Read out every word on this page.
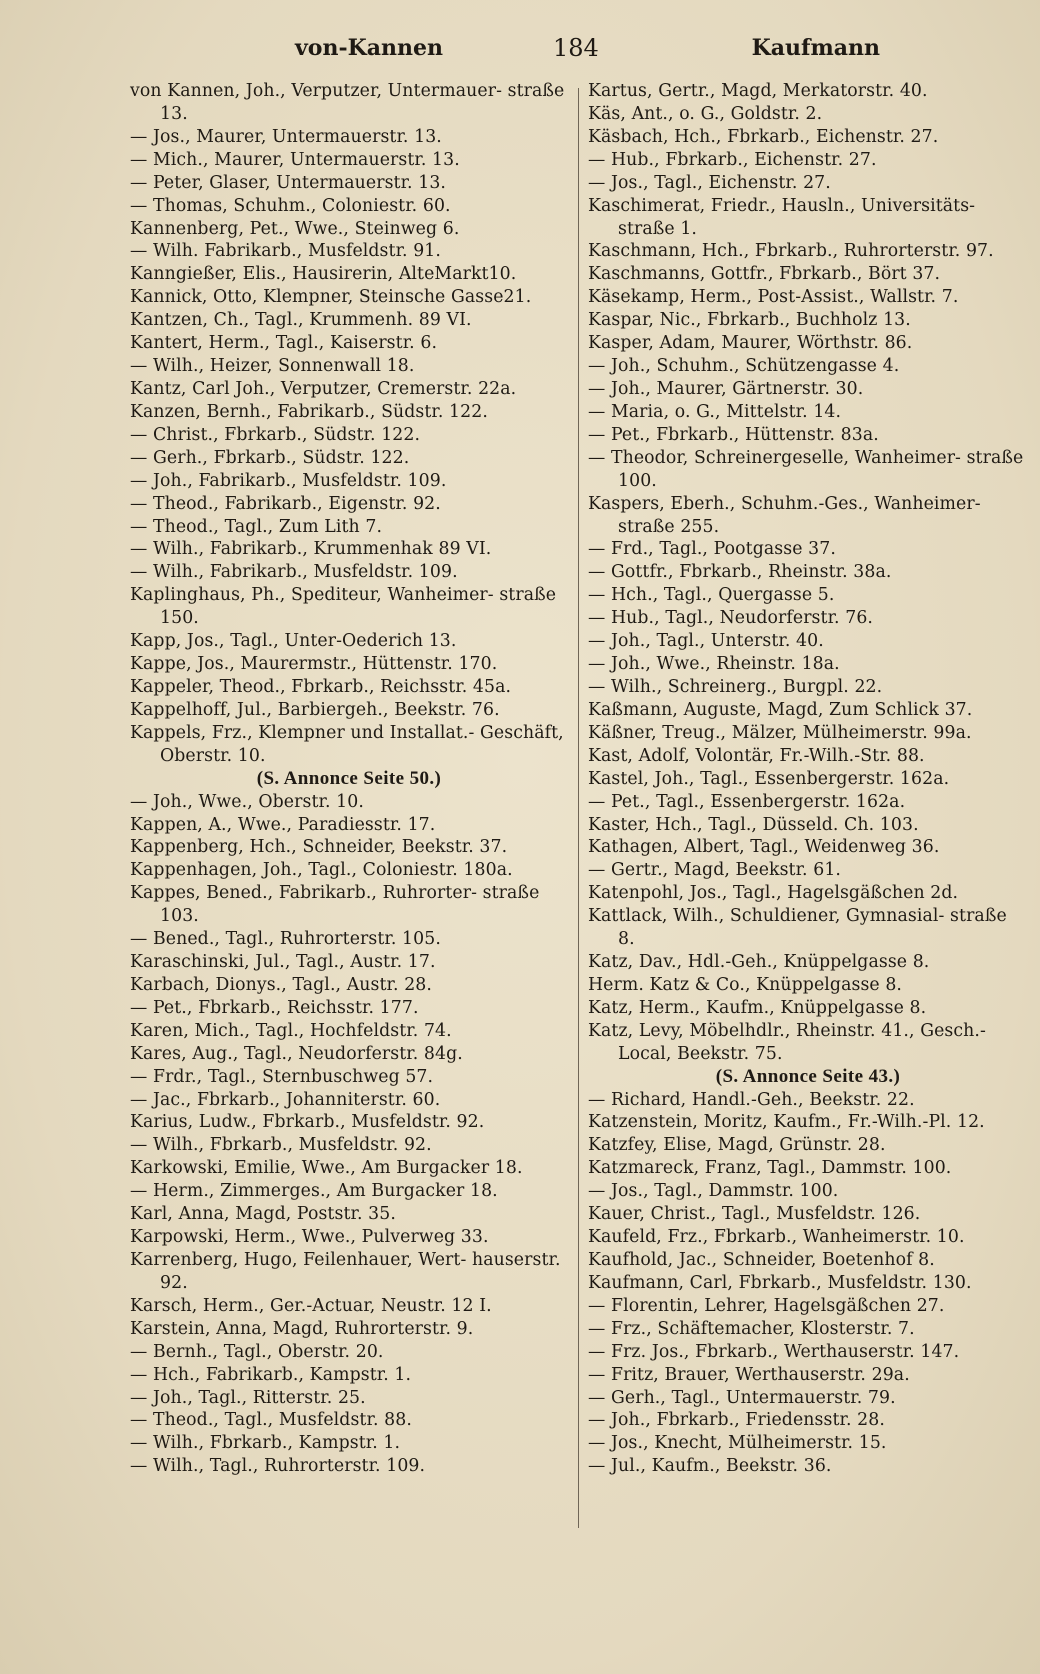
von-Kannen	184	Kaufmann
von Kannen, Joh., Verputzer, Untermauer- straße 13.
— Jos., Maurer, Untermauerstr. 13.
— Mich., Maurer, Untermauerstr. 13.
— Peter, Glaser, Untermauerstr. 13.
— Thomas, Schuhm., Coloniestr. 60.
Kannenberg, Pet., Wwe., Steinweg 6.
— Wilh. Fabrikarb., Musfeldstr. 91.
Kanngießer, Elis., Hausirerin, AlteMarkt10.
Kannick, Otto, Klempner, Steinsche Gasse21.
Kantzen, Ch., Tagl., Krummenh. 89 VI.
Kantert, Herm., Tagl., Kaiserstr. 6.
— Wilh., Heizer, Sonnenwall 18.
Kantz, Carl Joh., Verputzer, Cremerstr. 22a.
Kanzen, Bernh., Fabrikarb., Südstr. 122.
— Christ., Fbrkarb., Südstr. 122.
— Gerh., Fbrkarb., Südstr. 122.
— Joh., Fabrikarb., Musfeldstr. 109.
— Theod., Fabrikarb., Eigenstr. 92.
— Theod., Tagl., Zum Lith 7.
— Wilh., Fabrikarb., Krummenhak 89 VI.
— Wilh., Fabrikarb., Musfeldstr. 109.
Kaplinghaus, Ph., Spediteur, Wanheimer- straße 150.
Kapp, Jos., Tagl., Unter-Oederich 13.
Kappe, Jos., Maurermstr., Hüttenstr. 170.
Kappeler, Theod., Fbrkarb., Reichsstr. 45a.
Kappelhoff, Jul., Barbiergeh., Beekstr. 76.
Kappels, Frz., Klempner und Installat.- Geschäft, Oberstr. 10.
(S. Annonce Seite 50.)
— Joh., Wwe., Oberstr. 10.
Kappen, A., Wwe., Paradiesstr. 17.
Kappenberg, Hch., Schneider, Beekstr. 37.
Kappenhagen, Joh., Tagl., Coloniestr. 180a.
Kappes, Bened., Fabrikarb., Ruhrorter- straße 103.
— Bened., Tagl., Ruhrorterstr. 105.
Karaschinski, Jul., Tagl., Austr. 17.
Karbach, Dionys., Tagl., Austr. 28.
— Pet., Fbrkarb., Reichsstr. 177.
Karen, Mich., Tagl., Hochfeldstr. 74.
Kares, Aug., Tagl., Neudorferstr. 84g.
— Frdr., Tagl., Sternbuschweg 57.
— Jac., Fbrkarb., Johanniterstr. 60.
Karius, Ludw., Fbrkarb., Musfeldstr. 92.
— Wilh., Fbrkarb., Musfeldstr. 92.
Karkowski, Emilie, Wwe., Am Burgacker 18.
— Herm., Zimmerges., Am Burgacker 18.
Karl, Anna, Magd, Poststr. 35.
Karpowski, Herm., Wwe., Pulverweg 33.
Karrenberg, Hugo, Feilenhauer, Wert- hauserstr. 92.
Karsch, Herm., Ger.-Actuar, Neustr. 12 I.
Karstein, Anna, Magd, Ruhrorterstr. 9.
— Bernh., Tagl., Oberstr. 20.
— Hch., Fabrikarb., Kampstr. 1.
— Joh., Tagl., Ritterstr. 25.
— Theod., Tagl., Musfeldstr. 88.
— Wilh., Fbrkarb., Kampstr. 1.
— Wilh., Tagl., Ruhrorterstr. 109.
Kartus, Gertr., Magd, Merkatorstr. 40.
Käs, Ant., o. G., Goldstr. 2.
Käsbach, Hch., Fbrkarb., Eichenstr. 27.
— Hub., Fbrkarb., Eichenstr. 27.
— Jos., Tagl., Eichenstr. 27.
Kaschimerat, Friedr., Hausln., Universitäts- straße 1.
Kaschmann, Hch., Fbrkarb., Ruhrorterstr. 97.
Kaschmanns, Gottfr., Fbrkarb., Bört 37.
Käsekamp, Herm., Post-Assist., Wallstr. 7.
Kaspar, Nic., Fbrkarb., Buchholz 13.
Kasper, Adam, Maurer, Wörthstr. 86.
— Joh., Schuhm., Schützengasse 4.
— Joh., Maurer, Gärtnerstr. 30.
— Maria, o. G., Mittelstr. 14.
— Pet., Fbrkarb., Hüttenstr. 83a.
— Theodor, Schreinergeselle, Wanheimer- straße 100.
Kaspers, Eberh., Schuhm.-Ges., Wanheimer- straße 255.
— Frd., Tagl., Pootgasse 37.
— Gottfr., Fbrkarb., Rheinstr. 38a.
— Hch., Tagl., Quergasse 5.
— Hub., Tagl., Neudorferstr. 76.
— Joh., Tagl., Unterstr. 40.
— Joh., Wwe., Rheinstr. 18a.
— Wilh., Schreinerg., Burgpl. 22.
Kaßmann, Auguste, Magd, Zum Schlick 37.
Käßner, Treug., Mälzer, Mülheimerstr. 99a.
Kast, Adolf, Volontär, Fr.-Wilh.-Str. 88.
Kastel, Joh., Tagl., Essenbergerstr. 162a.
— Pet., Tagl., Essenbergerstr. 162a.
Kaster, Hch., Tagl., Düsseld. Ch. 103.
Kathagen, Albert, Tagl., Weidenweg 36.
— Gertr., Magd, Beekstr. 61.
Katenpohl, Jos., Tagl., Hagelsgäßchen 2d.
Kattlack, Wilh., Schuldiener, Gymnasial- straße 8.
Katz, Dav., Hdl.-Geh., Knüppelgasse 8.
Herm. Katz & Co., Knüppelgasse 8.
Katz, Herm., Kaufm., Knüppelgasse 8.
Katz, Levy, Möbelhdlr., Rheinstr. 41., Gesch.- Local, Beekstr. 75.
(S. Annonce Seite 43.)
— Richard, Handl.-Geh., Beekstr. 22.
Katzenstein, Moritz, Kaufm., Fr.-Wilh.-Pl. 12.
Katzfey, Elise, Magd, Grünstr. 28.
Katzmareck, Franz, Tagl., Dammstr. 100.
— Jos., Tagl., Dammstr. 100.
Kauer, Christ., Tagl., Musfeldstr. 126.
Kaufeld, Frz., Fbrkarb., Wanheimerstr. 10.
Kaufhold, Jac., Schneider, Boetenhof 8.
Kaufmann, Carl, Fbrkarb., Musfeldstr. 130.
— Florentin, Lehrer, Hagelsgäßchen 27.
— Frz., Schäftemacher, Klosterstr. 7.
— Frz. Jos., Fbrkarb., Werthauserstr. 147.
— Fritz, Brauer, Werthauserstr. 29a.
— Gerh., Tagl., Untermauerstr. 79.
— Joh., Fbrkarb., Friedensstr. 28.
— Jos., Knecht, Mülheimerstr. 15.
— Jul., Kaufm., Beekstr. 36.
